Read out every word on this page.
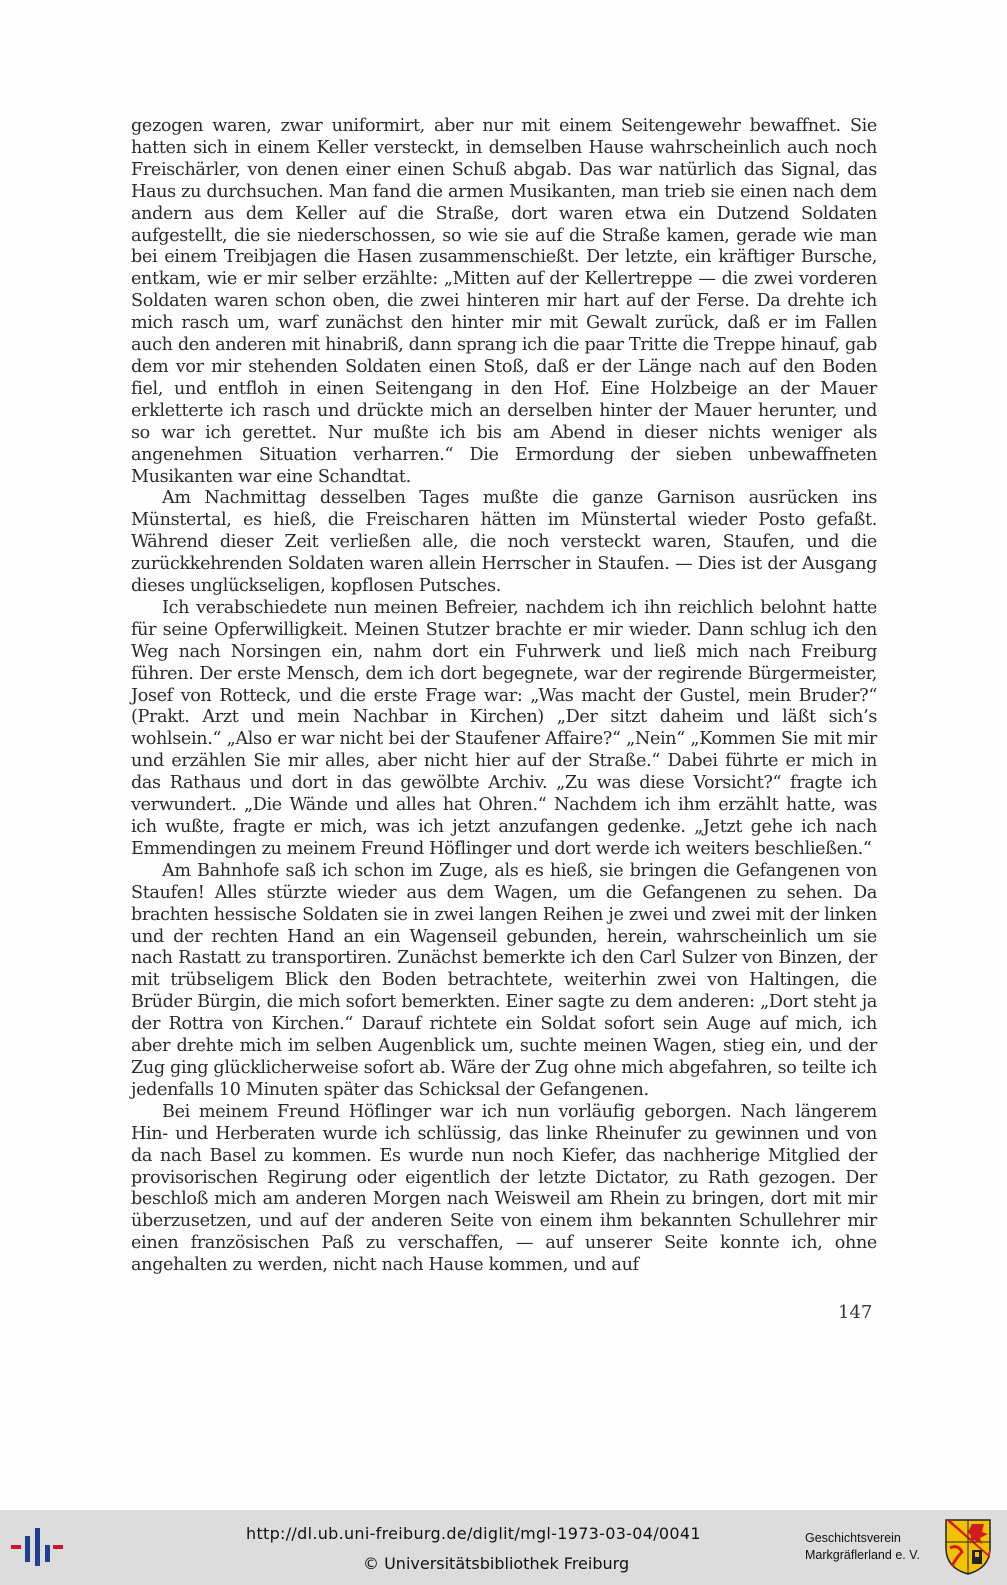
gezogen waren, zwar uniformirt, aber nur mit einem Seitengewehr bewaffnet. Sie hatten sich in einem Keller versteckt, in demselben Hause wahrscheinlich auch noch Freischärler, von denen einer einen Schuß abgab. Das war natürlich das Signal, das Haus zu durchsuchen. Man fand die armen Musikanten, man trieb sie einen nach dem andern aus dem Keller auf die Straße, dort waren etwa ein Dutzend Soldaten aufgestellt, die sie niederschossen, so wie sie auf die Straße kamen, gerade wie man bei einem Treibjagen die Hasen zusammenschießt. Der letzte, ein kräftiger Bursche, entkam, wie er mir selber erzählte: „Mitten auf der Kellertreppe — die zwei vorderen Soldaten waren schon oben, die zwei hinteren mir hart auf der Ferse. Da drehte ich mich rasch um, warf zunächst den hinter mir mit Gewalt zurück, daß er im Fallen auch den anderen mit hinabriß, dann sprang ich die paar Tritte die Treppe hinauf, gab dem vor mir stehenden Soldaten einen Stoß, daß er der Länge nach auf den Boden fiel, und entfloh in einen Seitengang in den Hof. Eine Holzbeige an der Mauer erkletterte ich rasch und drückte mich an derselben hinter der Mauer herunter, und so war ich gerettet. Nur mußte ich bis am Abend in dieser nichts weniger als angenehmen Situation verharren.“ Die Ermordung der sieben unbewaffneten Musikanten war eine Schandtat.

Am Nachmittag desselben Tages mußte die ganze Garnison ausrücken ins Münstertal, es hieß, die Freischaren hätten im Münstertal wieder Posto gefaßt. Während dieser Zeit verließen alle, die noch versteckt waren, Staufen, und die zurückkehrenden Soldaten waren allein Herrscher in Staufen. — Dies ist der Ausgang dieses unglückseligen, kopflosen Putsches.

Ich verabschiedete nun meinen Befreier, nachdem ich ihn reichlich belohnt hatte für seine Opferwilligkeit. Meinen Stutzer brachte er mir wieder. Dann schlug ich den Weg nach Norsingen ein, nahm dort ein Fuhrwerk und ließ mich nach Freiburg führen. Der erste Mensch, dem ich dort begegnete, war der regirende Bürgermeister, Josef von Rotteck, und die erste Frage war: „Was macht der Gustel, mein Bruder?“ (Prakt. Arzt und mein Nachbar in Kirchen) „Der sitzt daheim und läßt sich’s wohlsein.“ „Also er war nicht bei der Staufener Affaire?“ „Nein“ „Kommen Sie mit mir und erzählen Sie mir alles, aber nicht hier auf der Straße.“ Dabei führte er mich in das Rathaus und dort in das gewölbte Archiv. „Zu was diese Vorsicht?“ fragte ich verwundert. „Die Wände und alles hat Ohren.“ Nachdem ich ihm erzählt hatte, was ich wußte, fragte er mich, was ich jetzt anzufangen gedenke. „Jetzt gehe ich nach Emmendingen zu meinem Freund Höflinger und dort werde ich weiters beschließen.“

Am Bahnhofe saß ich schon im Zuge, als es hieß, sie bringen die Gefangenen von Staufen! Alles stürzte wieder aus dem Wagen, um die Gefangenen zu sehen. Da brachten hessische Soldaten sie in zwei langen Reihen je zwei und zwei mit der linken und der rechten Hand an ein Wagenseil gebunden, herein, wahrscheinlich um sie nach Rastatt zu transportiren. Zunächst bemerkte ich den Carl Sulzer von Binzen, der mit trübseligem Blick den Boden betrachtete, weiterhin zwei von Haltingen, die Brüder Bürgin, die mich sofort bemerkten. Einer sagte zu dem anderen: „Dort steht ja der Rottra von Kirchen.“ Darauf richtete ein Soldat sofort sein Auge auf mich, ich aber drehte mich im selben Augenblick um, suchte meinen Wagen, stieg ein, und der Zug ging glücklicherweise sofort ab. Wäre der Zug ohne mich abgefahren, so teilte ich jedenfalls 10 Minuten später das Schicksal der Gefangenen.

Bei meinem Freund Höflinger war ich nun vorläufig geborgen. Nach längerem Hin- und Herberaten wurde ich schlüssig, das linke Rheinufer zu gewinnen und von da nach Basel zu kommen. Es wurde nun noch Kiefer, das nachherige Mitglied der provisorischen Regirung oder eigentlich der letzte Dictator, zu Rath gezogen. Der beschloß mich am anderen Morgen nach Weisweil am Rhein zu bringen, dort mit mir überzusetzen, und auf der anderen Seite von einem ihm bekannten Schullehrer mir einen französischen Paß zu verschaffen, — auf unserer Seite konnte ich, ohne angehalten zu werden, nicht nach Hause kommen, und auf

147
http://dl.ub.uni-freiburg.de/diglit/mgl-1973-03-04/0041
© Universitätsbibliothek Freiburg
Geschichtsverein
Markgräflerland e. V.
